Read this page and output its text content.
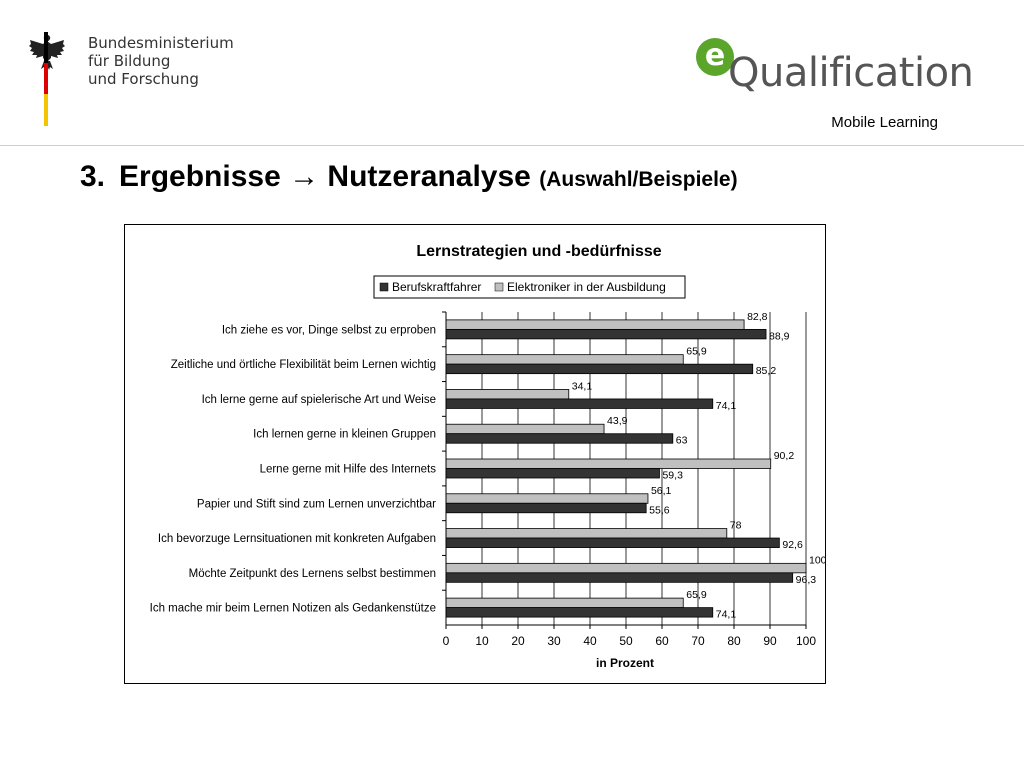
Bundesministerium
für Bildung
und Forschung
e Qualification
Mobile Learning
3. Ergebnisse → Nutzeranalyse (Auswahl/Beispiele)
Lernstrategien und -bedürfnisse
Berufskraftfahrer Elektroniker in der Ausbildung
Ich ziehe es vor, Dinge selbst zu erproben
Zeitliche und örtliche Flexibilität beim Lernen wichtig
Ich lerne gerne auf spielerische Art und Weise
Ich lernen gerne in kleinen Gruppen
Lerne gerne mit Hilfe des Internets
Papier und Stift sind zum Lernen unverzichtbar
Ich bevorzuge Lernsituationen mit konkreten Aufgaben
Möchte Zeitpunkt des Lernens selbst bestimmen
Ich mache mir beim Lernen Notizen als Gedankenstütze
82,8
88,9
65,9
85,2
34,1
74,1
43,9
63
90,2
59,3
56,1
55,6
78
92,6
100
96,3
65,9
74,1
0 10 20 30 40 50 60 70 80 90 100
in Prozent
